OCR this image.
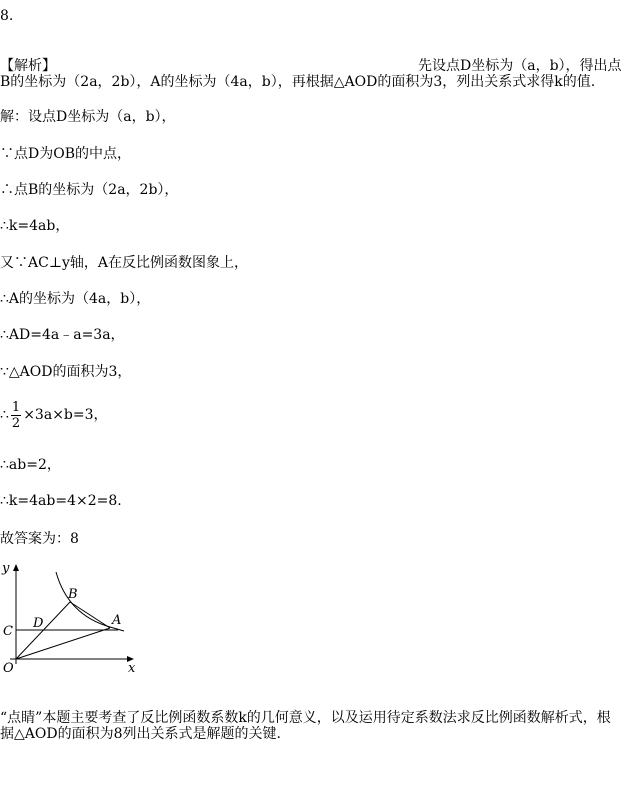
8.
【解析】	先设点D坐标为（a，b），得出点
B的坐标为（2a，2b），A的坐标为（4a，b），再根据△AOD的面积为3，列出关系式求得k的值.
解：设点D坐标为（a，b），
∵点D为OB的中点，
∴点B的坐标为（2a，2b），
∴k=4ab，
又∵AC⊥y轴，A在反比例函数图象上，
∴A的坐标为（4a，b），
∴AD=4a﹣a=3a，
∵△AOD的面积为3，
∴ $\frac{1}{2} \times 3a\times b=3$，
∴ab=2，
∴k=4ab=4×2=8.
故答案为：8
y
x
O
C
D
B
A
“点睛”本题主要考查了反比例函数系数k的几何意义，以及运用待定系数法求反比例函数解析式，根
据△AOD的面积为8列出关系式是解题的关键.
